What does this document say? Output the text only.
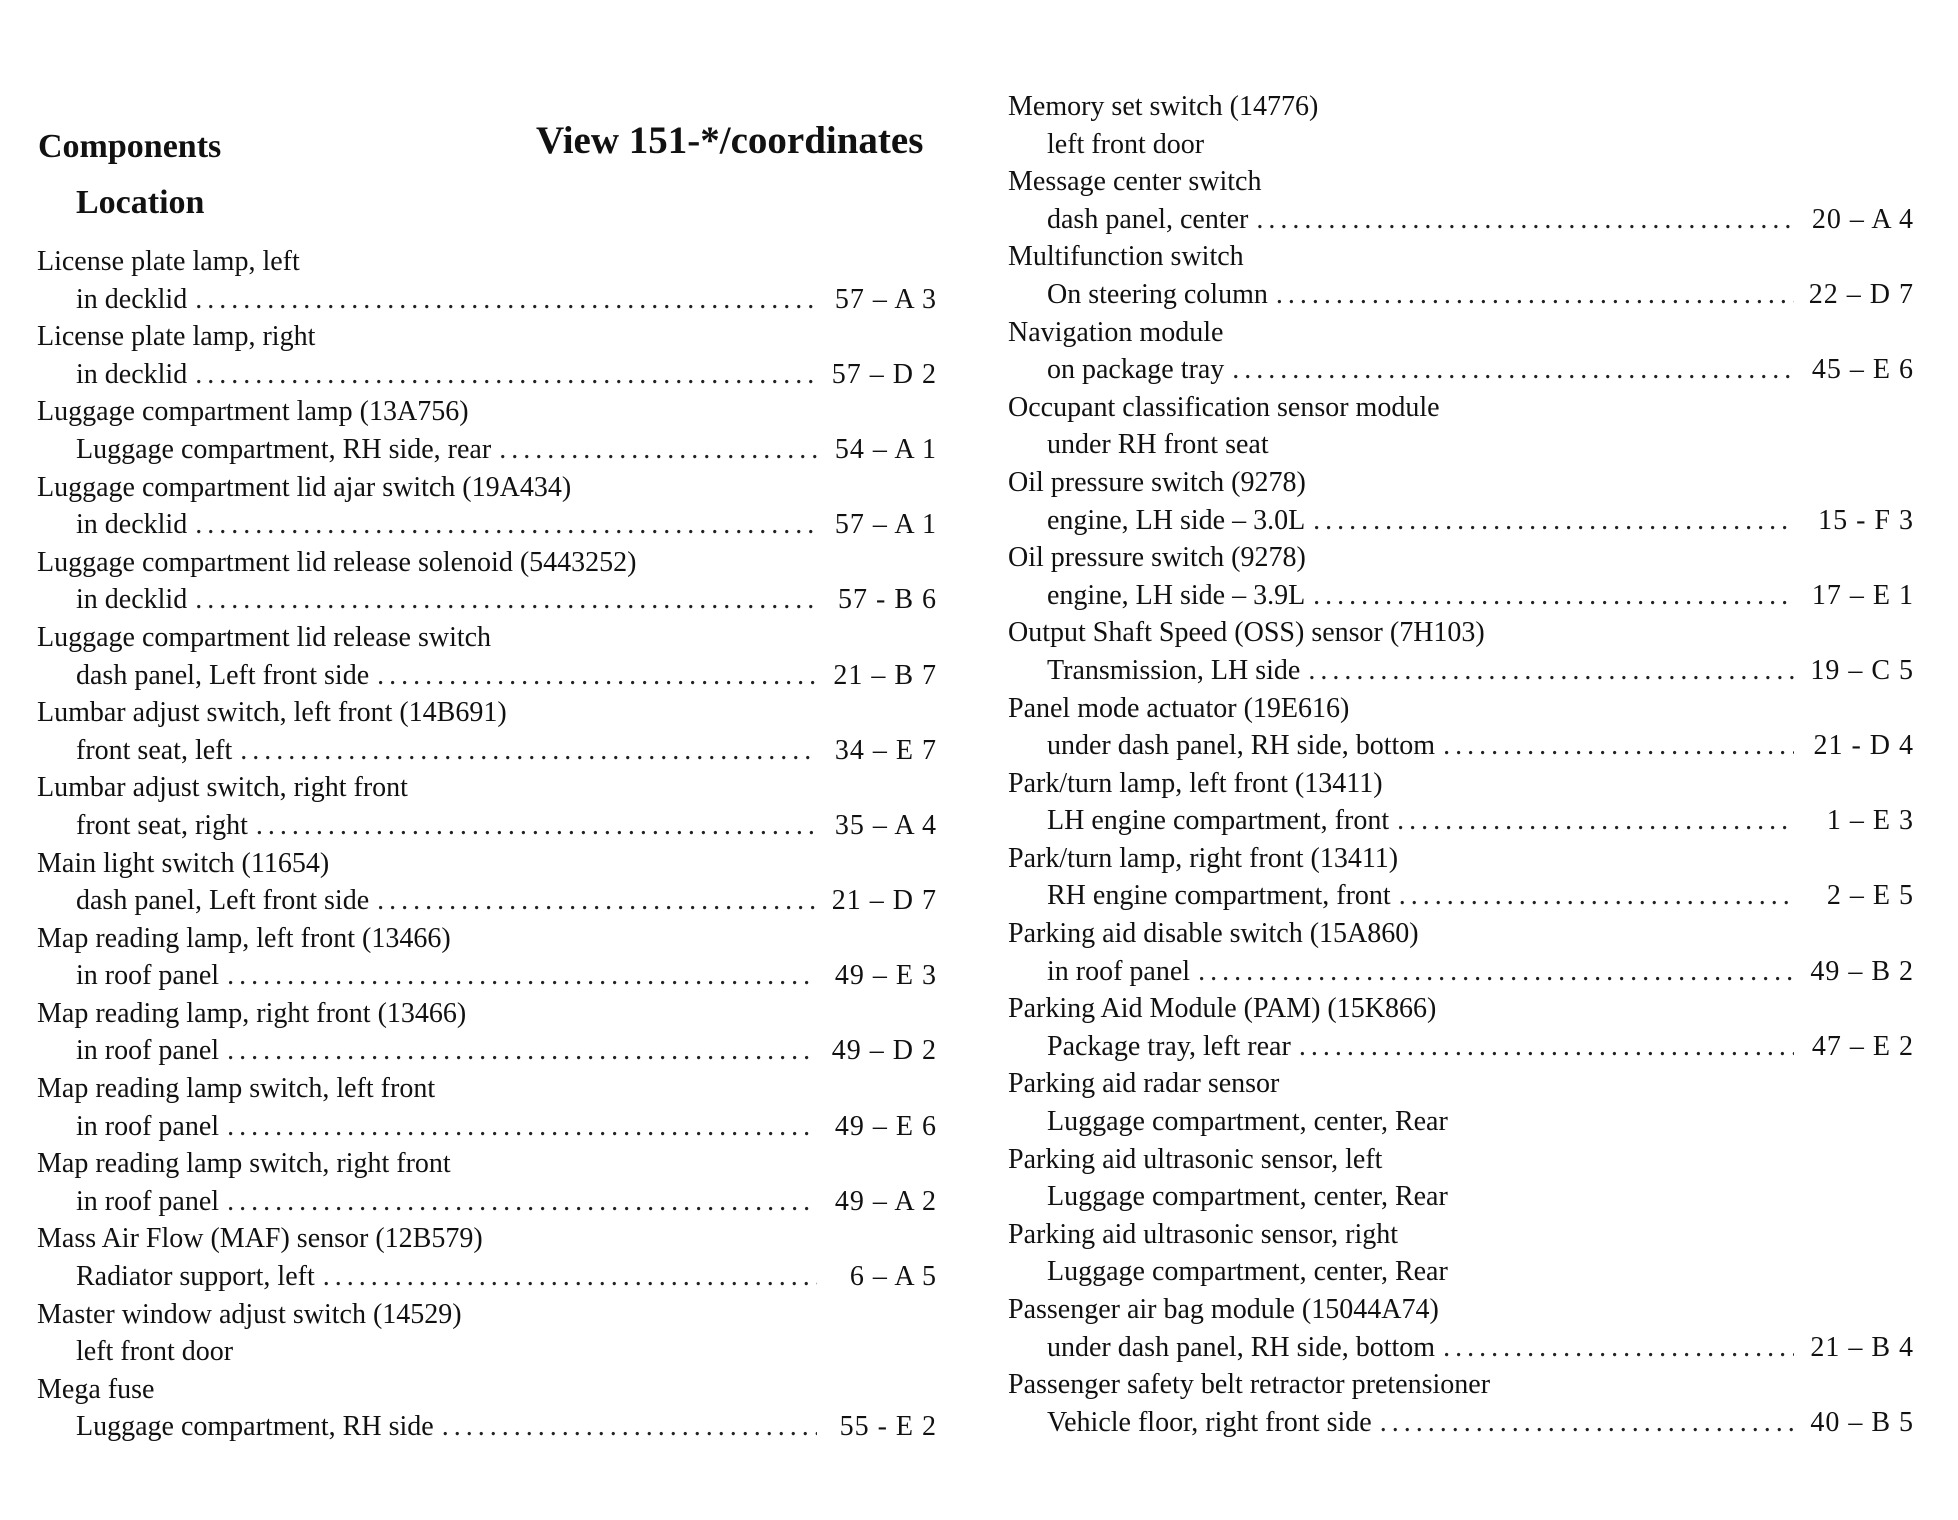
Components
Location
View 151-*/coordinates
License plate lamp, left
in decklid .....	57 – A 3
License plate lamp, right
in decklid .....	57 – D 2
Luggage compartment lamp (13A756)
Luggage compartment, RH side, rear .....	54 – A 1
Luggage compartment lid ajar switch (19A434)
in decklid .....	57 – A 1
Luggage compartment lid release solenoid (5443252)
in decklid .....	57 - B 6
Luggage compartment lid release switch
dash panel, Left front side .....	21 – B 7
Lumbar adjust switch, left front (14B691)
front seat, left .....	34 – E 7
Lumbar adjust switch, right front
front seat, right .....	35 – A 4
Main light switch (11654)
dash panel, Left front side .....	21 – D 7
Map reading lamp, left front (13466)
in roof panel .....	49 – E 3
Map reading lamp, right front (13466)
in roof panel .....	49 – D 2
Map reading lamp switch, left front
in roof panel .....	49 – E 6
Map reading lamp switch, right front
in roof panel .....	49 – A 2
Mass Air Flow (MAF) sensor (12B579)
Radiator support, left .....	6 – A 5
Master window adjust switch (14529)
left front door
Mega fuse
Luggage compartment, RH side .....	55 - E 2
Memory set switch (14776)
left front door
Message center switch
dash panel, center .....	20 – A 4
Multifunction switch
On steering column .....	22 – D 7
Navigation module
on package tray .....	45 – E 6
Occupant classification sensor module
under RH front seat
Oil pressure switch (9278)
engine, LH side – 3.0L .....	15 - F 3
Oil pressure switch (9278)
engine, LH side – 3.9L .....	17 – E 1
Output Shaft Speed (OSS) sensor (7H103)
Transmission, LH side .....	19 – C 5
Panel mode actuator (19E616)
under dash panel, RH side, bottom .....	21 - D 4
Park/turn lamp, left front (13411)
LH engine compartment, front .....	1 – E 3
Park/turn lamp, right front (13411)
RH engine compartment, front .....	2 – E 5
Parking aid disable switch (15A860)
in roof panel .....	49 – B 2
Parking Aid Module (PAM) (15K866)
Package tray, left rear .....	47 – E 2
Parking aid radar sensor
Luggage compartment, center, Rear
Parking aid ultrasonic sensor, left
Luggage compartment, center, Rear
Parking aid ultrasonic sensor, right
Luggage compartment, center, Rear
Passenger air bag module (15044A74)
under dash panel, RH side, bottom .....	21 – B 4
Passenger safety belt retractor pretensioner
Vehicle floor, right front side .....	40 – B 5
